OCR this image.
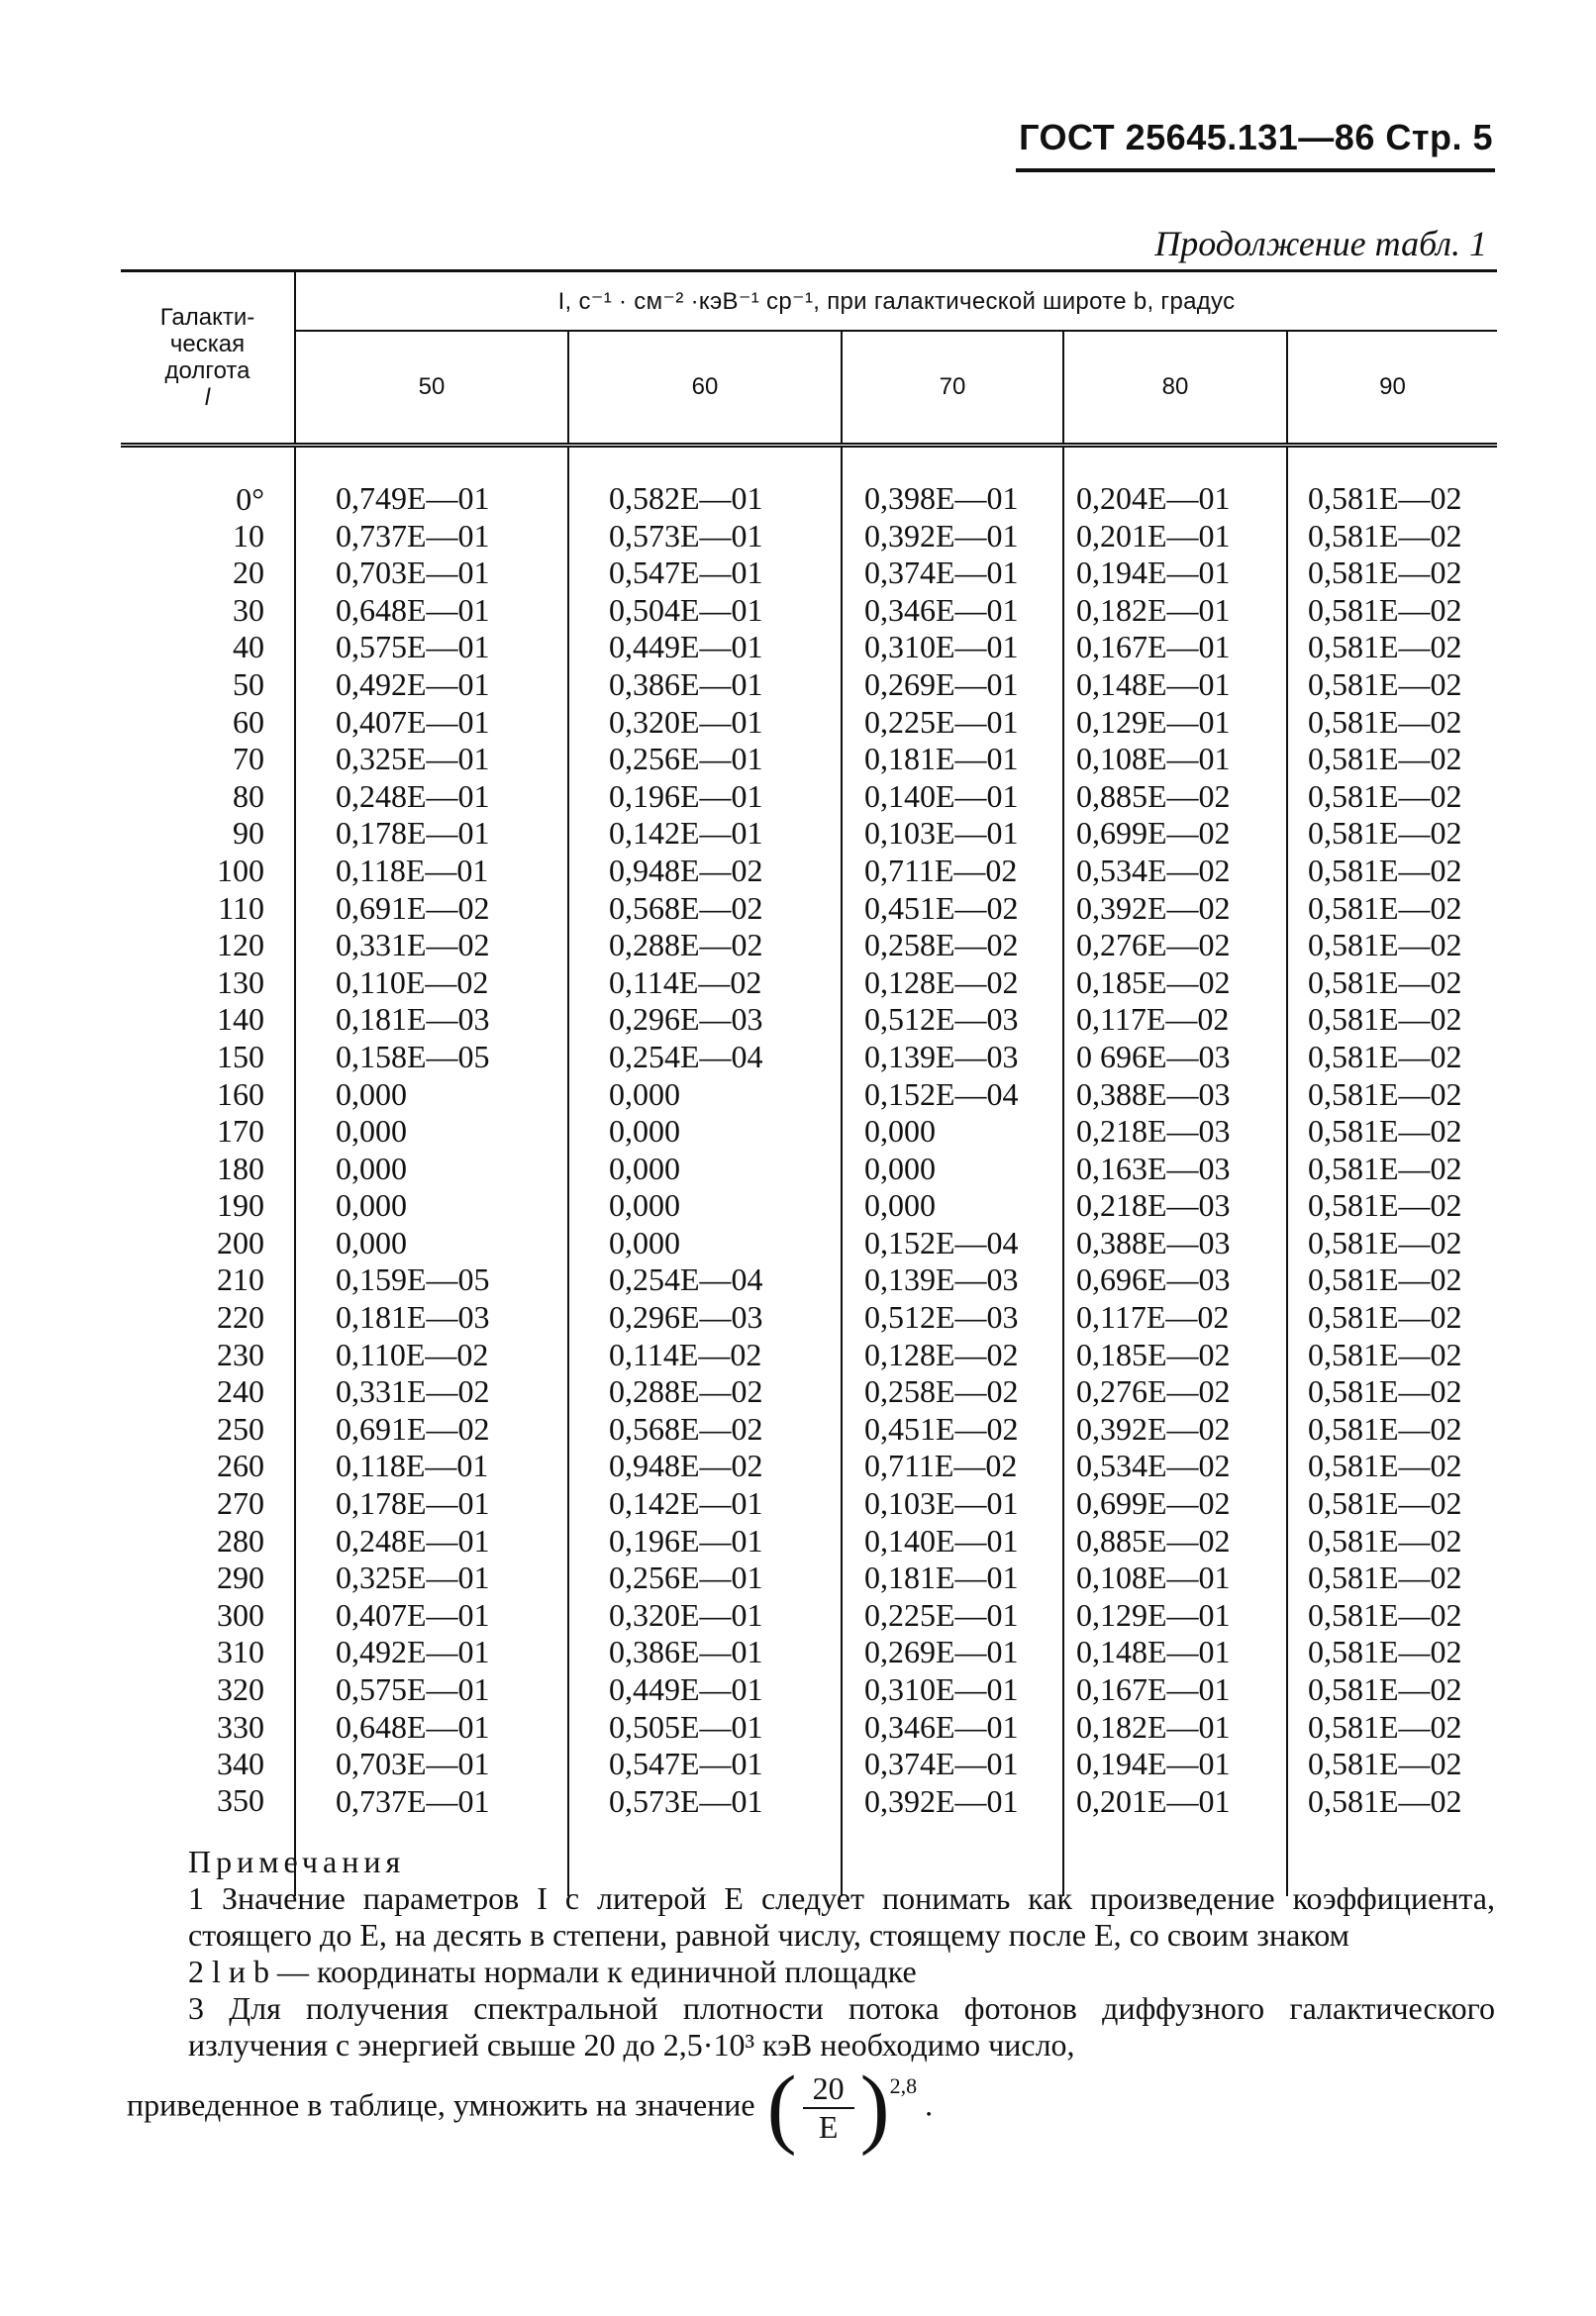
ГОСТ 25645.131—86 Стр. 5
Продолжение табл. 1
Галакти-
ческая
долгота
l	I, с⁻¹ · см⁻² ·кэВ⁻¹ ср⁻¹, при галактической широте b, градус				
	50	60	70	80	90

0°	0,749Е—01	0,582Е—01	0,398Е—01	0,204Е—01	0,581Е—02
10	0,737Е—01	0,573Е—01	0,392Е—01	0,201Е—01	0,581Е—02
20	0,703Е—01	0,547Е—01	0,374Е—01	0,194Е—01	0,581Е—02
30	0,648Е—01	0,504Е—01	0,346Е—01	0,182Е—01	0,581Е—02
40	0,575Е—01	0,449Е—01	0,310Е—01	0,167Е—01	0,581Е—02
50	0,492Е—01	0,386Е—01	0,269Е—01	0,148Е—01	0,581Е—02
60	0,407Е—01	0,320Е—01	0,225Е—01	0,129Е—01	0,581Е—02
70	0,325Е—01	0,256Е—01	0,181Е—01	0,108Е—01	0,581Е—02
80	0,248Е—01	0,196Е—01	0,140Е—01	0,885Е—02	0,581Е—02
90	0,178Е—01	0,142Е—01	0,103Е—01	0,699Е—02	0,581Е—02
100	0,118Е—01	0,948Е—02	0,711Е—02	0,534Е—02	0,581Е—02
110	0,691Е—02	0,568Е—02	0,451Е—02	0,392Е—02	0,581Е—02
120	0,331Е—02	0,288Е—02	0,258Е—02	0,276Е—02	0,581Е—02
130	0,110Е—02	0,114Е—02	0,128Е—02	0,185Е—02	0,581Е—02
140	0,181Е—03	0,296Е—03	0,512Е—03	0,117Е—02	0,581Е—02
150	0,158Е—05	0,254Е—04	0,139Е—03	0 696Е—03	0,581Е—02
160	0,000	0,000	0,152Е—04	0,388Е—03	0,581Е—02
170	0,000	0,000	0,000	0,218Е—03	0,581Е—02
180	0,000	0,000	0,000	0,163Е—03	0,581Е—02
190	0,000	0,000	0,000	0,218Е—03	0,581Е—02
200	0,000	0,000	0,152Е—04	0,388Е—03	0,581Е—02
210	0,159Е—05	0,254Е—04	0,139Е—03	0,696Е—03	0,581Е—02
220	0,181Е—03	0,296Е—03	0,512Е—03	0,117Е—02	0,581Е—02
230	0,110Е—02	0,114Е—02	0,128Е—02	0,185Е—02	0,581Е—02
240	0,331Е—02	0,288Е—02	0,258Е—02	0,276Е—02	0,581Е—02
250	0,691Е—02	0,568Е—02	0,451Е—02	0,392Е—02	0,581Е—02
260	0,118Е—01	0,948Е—02	0,711Е—02	0,534Е—02	0,581Е—02
270	0,178Е—01	0,142Е—01	0,103Е—01	0,699Е—02	0,581Е—02
280	0,248Е—01	0,196Е—01	0,140Е—01	0,885Е—02	0,581Е—02
290	0,325Е—01	0,256Е—01	0,181Е—01	0,108Е—01	0,581Е—02
300	0,407Е—01	0,320Е—01	0,225Е—01	0,129Е—01	0,581Е—02
310	0,492Е—01	0,386Е—01	0,269Е—01	0,148Е—01	0,581Е—02
320	0,575Е—01	0,449Е—01	0,310Е—01	0,167Е—01	0,581Е—02
330	0,648Е—01	0,505Е—01	0,346Е—01	0,182Е—01	0,581Е—02
340	0,703Е—01	0,547Е—01	0,374Е—01	0,194Е—01	0,581Е—02
350	0,737Е—01	0,573Е—01	0,392Е—01	0,201Е—01	0,581Е—02
Примечания

1 Значение параметров I с литерой Е следует понимать как произведение коэффициента, стоящего до Е, на десять в степени, равной числу, стоящему после Е, со своим знаком

2 l и b — координаты нормали к единичной площадке

3 Для получения спектральной плотности потока фотонов диффузного галактического излучения с энергией свыше 20 до 2,5·10³ кэВ необходимо число,

приведенное в таблице, умножить на значение ( $\frac{20}{E} )^{2,8}$ .
